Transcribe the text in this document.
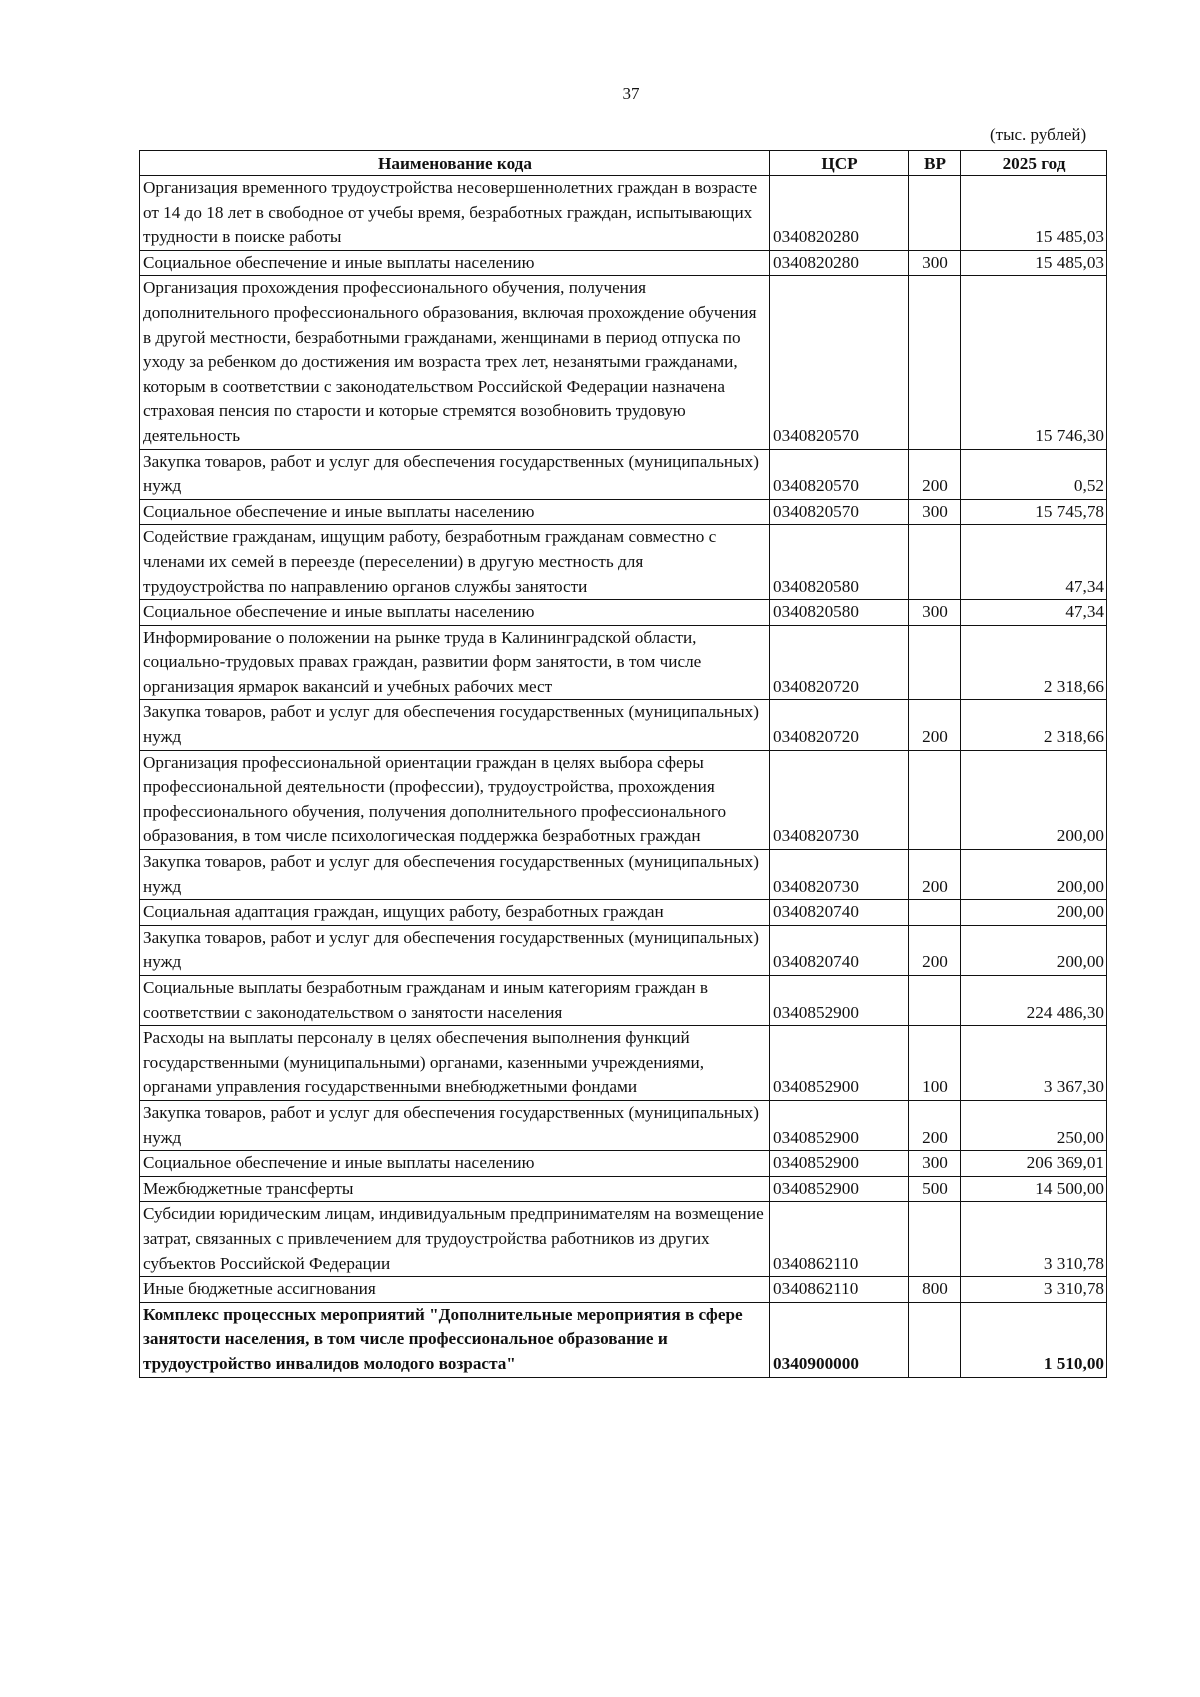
37
(тыс. рублей)
Наименование кода	ЦСР	ВР	2025 год
Организация временного трудоустройства несовершеннолетних граждан в возрасте от 14 до 18 лет в свободное от учебы время, безработных граждан, испытывающих трудности в поиске работы	0340820280		15 485,03
Социальное обеспечение и иные выплаты населению	0340820280	300	15 485,03
Организация прохождения профессионального обучения, получения дополнительного профессионального образования, включая прохождение обучения в другой местности, безработными гражданами, женщинами в период отпуска по уходу за ребенком до достижения им возраста трех лет, незанятыми гражданами, которым в соответствии с законодательством Российской Федерации назначена страховая пенсия по старости и которые стремятся возобновить трудовую деятельность	0340820570		15 746,30
Закупка товаров, работ и услуг для обеспечения государственных (муниципальных) нужд	0340820570	200	0,52
Социальное обеспечение и иные выплаты населению	0340820570	300	15 745,78
Содействие гражданам, ищущим работу, безработным гражданам совместно с членами их семей в переезде (переселении) в другую местность для трудоустройства по направлению органов службы занятости	0340820580		47,34
Социальное обеспечение и иные выплаты населению	0340820580	300	47,34
Информирование о положении на рынке труда в Калининградской области, социально-трудовых правах граждан, развитии форм занятости, в том числе организация ярмарок вакансий и учебных рабочих мест	0340820720		2 318,66
Закупка товаров, работ и услуг для обеспечения государственных (муниципальных) нужд	0340820720	200	2 318,66
Организация профессиональной ориентации граждан в целях выбора сферы профессиональной деятельности (профессии), трудоустройства, прохождения профессионального обучения, получения дополнительного профессионального образования, в том числе психологическая поддержка безработных граждан	0340820730		200,00
Закупка товаров, работ и услуг для обеспечения государственных (муниципальных) нужд	0340820730	200	200,00
Социальная адаптация граждан, ищущих работу, безработных граждан	0340820740		200,00
Закупка товаров, работ и услуг для обеспечения государственных (муниципальных) нужд	0340820740	200	200,00
Социальные выплаты безработным гражданам и иным категориям граждан в соответствии с законодательством о занятости населения	0340852900		224 486,30
Расходы на выплаты персоналу в целях обеспечения выполнения функций государственными (муниципальными) органами, казенными учреждениями, органами управления государственными внебюджетными фондами	0340852900	100	3 367,30
Закупка товаров, работ и услуг для обеспечения государственных (муниципальных) нужд	0340852900	200	250,00
Социальное обеспечение и иные выплаты населению	0340852900	300	206 369,01
Межбюджетные трансферты	0340852900	500	14 500,00
Субсидии юридическим лицам, индивидуальным предпринимателям на возмещение затрат, связанных с привлечением для трудоустройства работников из других субъектов Российской Федерации	0340862110		3 310,78
Иные бюджетные ассигнования	0340862110	800	3 310,78
Комплекс процессных мероприятий "Дополнительные мероприятия в сфере занятости населения, в том числе профессиональное образование и трудоустройство инвалидов молодого возраста"	0340900000		1 510,00
